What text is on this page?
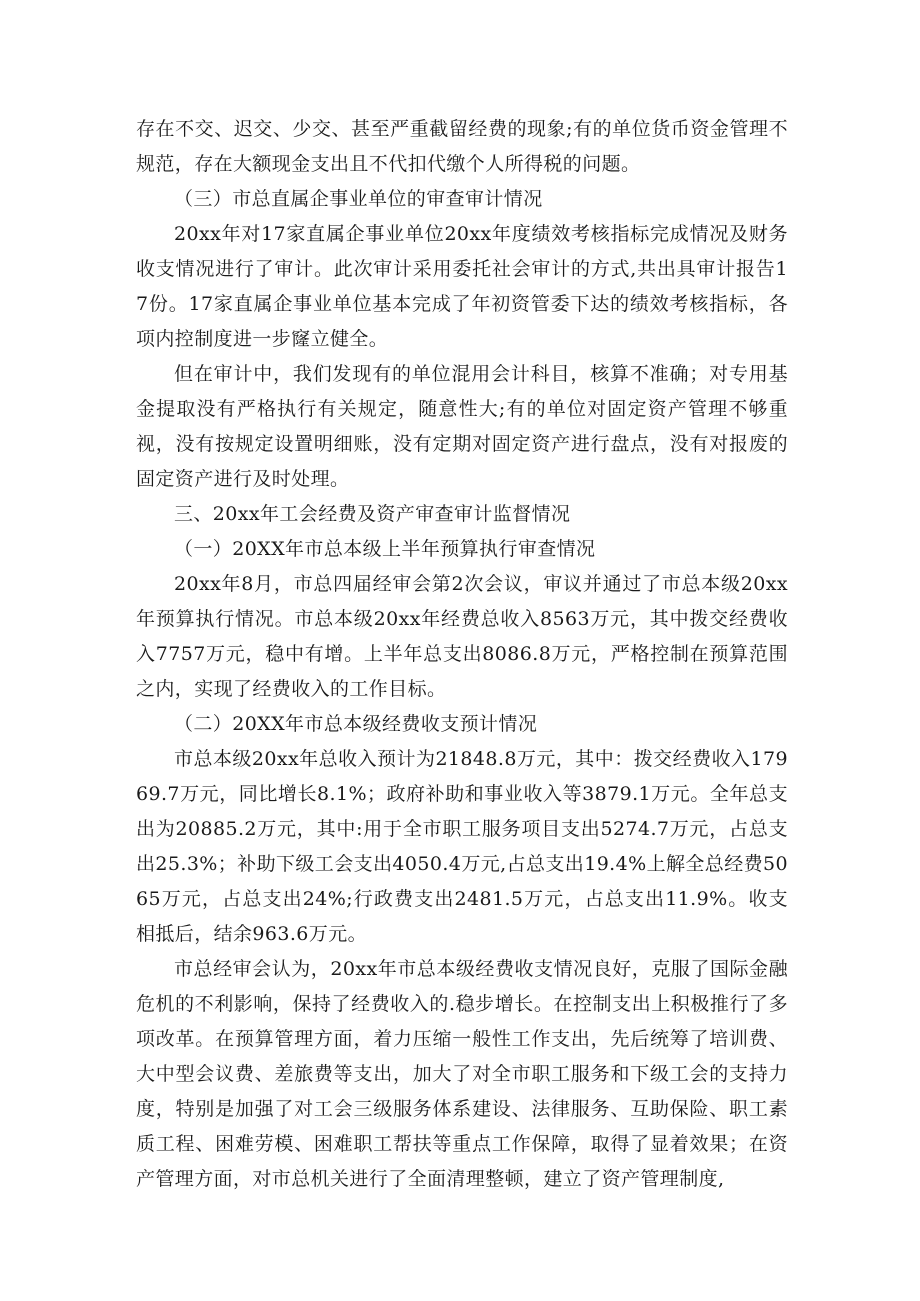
存在不交、迟交、少交、甚至严重截留经费的现象;有的单位货币资金管理不规范，存在大额现金支出且不代扣代缴个人所得税的问题。

（三）市总直属企事业单位的审查审计情况

20xx年对17家直属企事业单位20xx年度绩效考核指标完成情况及财务收支情况进行了审计。此次审计采用委托社会审计的方式,共出具审计报告17份。17家直属企事业单位基本完成了年初资管委下达的绩效考核指标，各项内控制度进一步窿立健全。

但在审计中，我们发现有的单位混用会计科目，核算不准确；对专用基金提取没有严格执行有关规定，随意性大;有的单位对固定资产管理不够重视，没有按规定设置明细账，没有定期对固定资产进行盘点，没有对报废的固定资产进行及时处理。

三、20xx年工会经费及资产审查审计监督情况

（一）20XX年市总本级上半年预算执行审查情况

20xx年8月，市总四届经审会第2次会议，审议并通过了市总本级20xx年预算执行情况。市总本级20xx年经费总收入8563万元，其中拨交经费收入7757万元，稳中有增。上半年总支出8086.8万元，严格控制在预算范围之内，实现了经费收入的工作目标。

（二）20XX年市总本级经费收支预计情况

市总本级20xx年总收入预计为21848.8万元，其中：拨交经费收入17969.7万元，同比增长8.1%；政府补助和事业收入等3879.1万元。全年总支出为20885.2万元，其中:用于全市职工服务项目支出5274.7万元，占总支出25.3%；补助下级工会支出4050.4万元,占总支出19.4%上解全总经费5065万元，占总支出24%;行政费支出2481.5万元，占总支出11.9%。收支相抵后，结余963.6万元。

市总经审会认为，20xx年市总本级经费收支情况良好，克服了国际金融危机的不利影响，保持了经费收入的.稳步增长。在控制支出上积极推行了多项改革。在预算管理方面，着力压缩一般性工作支出，先后统筹了培训费、大中型会议费、差旅费等支出，加大了对全市职工服务和下级工会的支持力度，特别是加强了对工会三级服务体系建设、法律服务、互助保险、职工素质工程、困难劳模、困难职工帮扶等重点工作保障，取得了显着效果；在资产管理方面，对市总机关进行了全面清理整顿，建立了资产管理制度,
